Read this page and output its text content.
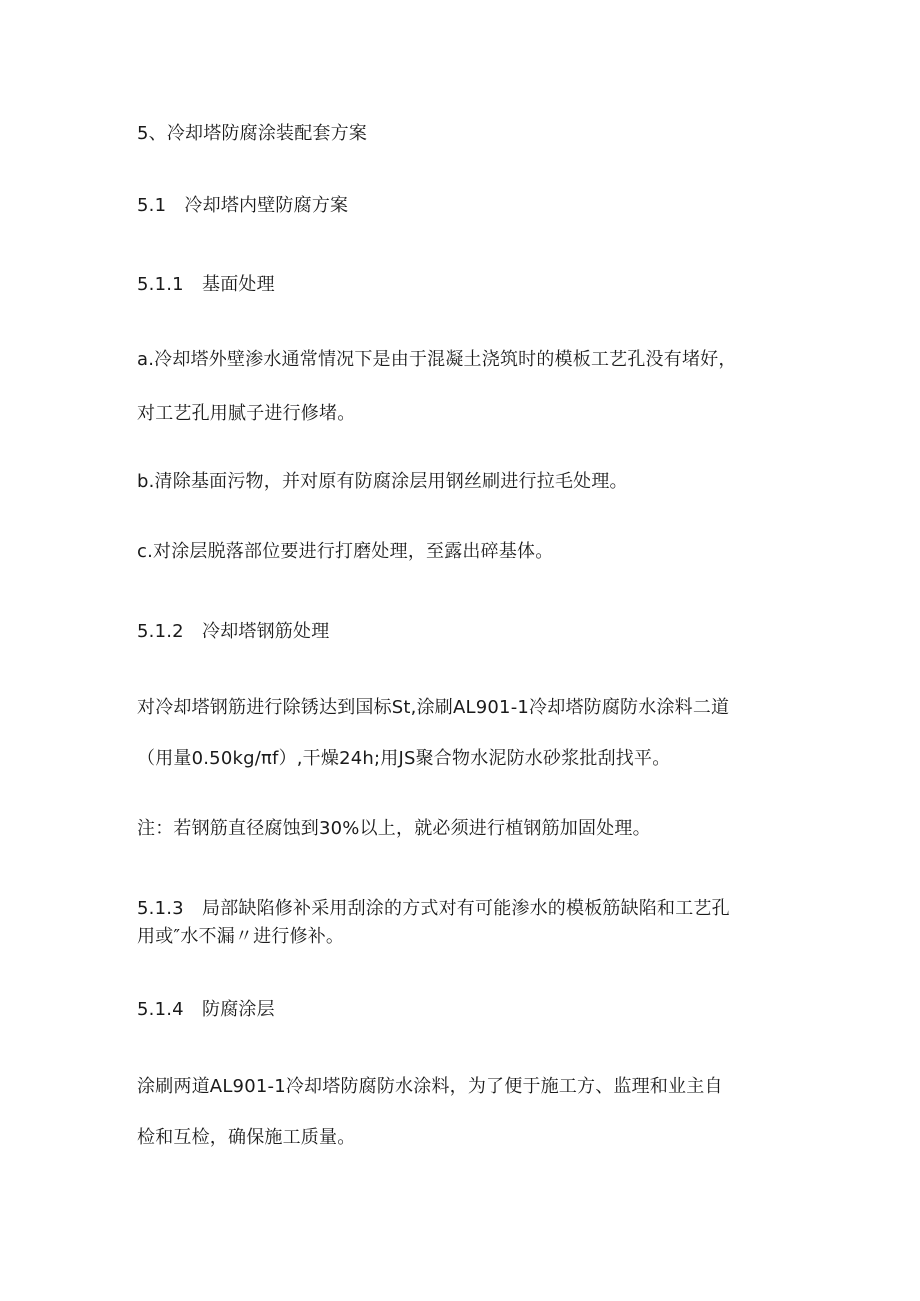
5、冷却塔防腐涂装配套方案
5.1　冷却塔内壁防腐方案
5.1.1　基面处理
a.冷却塔外壁渗水通常情况下是由于混凝土浇筑时的模板工艺孔没有堵好，
对工艺孔用腻子进行修堵。
b.清除基面污物，并对原有防腐涂层用钢丝刷进行拉毛处理。
c.对涂层脱落部位要进行打磨处理，至露出碎基体。
5.1.2　冷却塔钢筋处理
对冷却塔钢筋进行除锈达到国标St,涂刷AL901-1冷却塔防腐防水涂料二道
（用量0.50kg∕πf）,干燥24h;用JS聚合物水泥防水砂浆批刮找平。
注：若钢筋直径腐蚀到30%以上，就必须进行植钢筋加固处理。
5.1.3　局部缺陷修补采用刮涂的方式对有可能渗水的模板筋缺陷和工艺孔
用或″水不漏〃进行修补。
5.1.4　防腐涂层
涂刷两道AL901-1冷却塔防腐防水涂料，为了便于施工方、监理和业主自
检和互检，确保施工质量。
